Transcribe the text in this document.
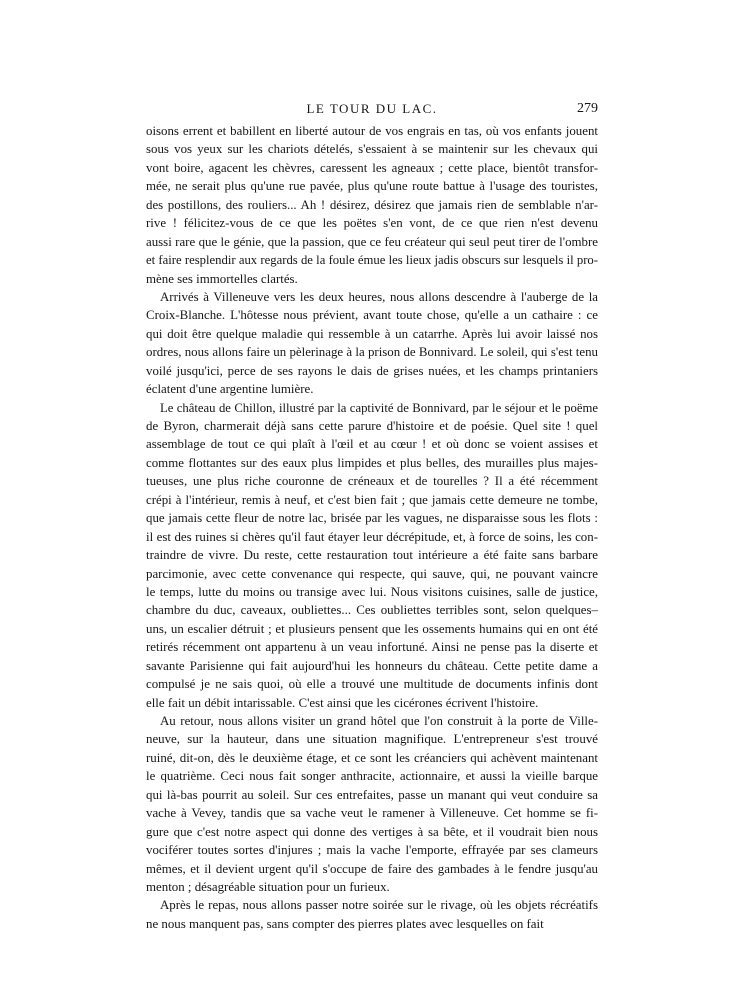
LE TOUR DU LAC.	279
oisons errent et babillent en liberté autour de vos engrais en tas, où vos enfants jouent
sous vos yeux sur les chariots dételés, s'essaient à se maintenir sur les chevaux qui
vont boire, agacent les chèvres, caressent les agneaux ; cette place, bientôt transfor-
mée, ne serait plus qu'une rue pavée, plus qu'une route battue à l'usage des touristes,
des postillons, des rouliers... Ah ! désirez, désirez que jamais rien de semblable n'ar-
rive ! félicitez-vous de ce que les poëtes s'en vont, de ce que rien n'est devenu
aussi rare que le génie, que la passion, que ce feu créateur qui seul peut tirer de l'ombre
et faire resplendir aux regards de la foule émue les lieux jadis obscurs sur lesquels il pro-
mène ses immortelles clartés.
Arrivés à Villeneuve vers les deux heures, nous allons descendre à l'auberge de la
Croix-Blanche. L'hôtesse nous prévient, avant toute chose, qu'elle a un cathaire : ce
qui doit être quelque maladie qui ressemble à un catarrhe. Après lui avoir laissé nos
ordres, nous allons faire un pèlerinage à la prison de Bonnivard. Le soleil, qui s'est tenu
voilé jusqu'ici, perce de ses rayons le dais de grises nuées, et les champs printaniers
éclatent d'une argentine lumière.
Le château de Chillon, illustré par la captivité de Bonnivard, par le séjour et le poëme
de Byron, charmerait déjà sans cette parure d'histoire et de poésie. Quel site ! quel
assemblage de tout ce qui plaît à l'œil et au cœur ! et où donc se voient assises et
comme flottantes sur des eaux plus limpides et plus belles, des murailles plus majes-
tueuses, une plus riche couronne de créneaux et de tourelles ? Il a été récemment
crépi à l'intérieur, remis à neuf, et c'est bien fait ; que jamais cette demeure ne tombe,
que jamais cette fleur de notre lac, brisée par les vagues, ne disparaisse sous les flots :
il est des ruines si chères qu'il faut étayer leur décrépitude, et, à force de soins, les con-
traindre de vivre. Du reste, cette restauration tout intérieure a été faite sans barbare
parcimonie, avec cette convenance qui respecte, qui sauve, qui, ne pouvant vaincre
le temps, lutte du moins ou transige avec lui. Nous visitons cuisines, salle de justice,
chambre du duc, caveaux, oubliettes... Ces oubliettes terribles sont, selon quelques–
uns, un escalier détruit ; et plusieurs pensent que les ossements humains qui en ont été
retirés récemment ont appartenu à un veau infortuné. Ainsi ne pense pas la diserte et
savante Parisienne qui fait aujourd'hui les honneurs du château. Cette petite dame a
compulsé je ne sais quoi, où elle a trouvé une multitude de documents infinis dont
elle fait un débit intarissable. C'est ainsi que les cicérones écrivent l'histoire.
Au retour, nous allons visiter un grand hôtel que l'on construit à la porte de Ville-
neuve, sur la hauteur, dans une situation magnifique. L'entrepreneur s'est trouvé
ruiné, dit-on, dès le deuxième étage, et ce sont les créanciers qui achèvent maintenant
le quatrième. Ceci nous fait songer anthracite, actionnaire, et aussi la vieille barque
qui là-bas pourrit au soleil. Sur ces entrefaites, passe un manant qui veut conduire sa
vache à Vevey, tandis que sa vache veut le ramener à Villeneuve. Cet homme se fi-
gure que c'est notre aspect qui donne des vertiges à sa bête, et il voudrait bien nous
vociférer toutes sortes d'injures ; mais la vache l'emporte, effrayée par ses clameurs
mêmes, et il devient urgent qu'il s'occupe de faire des gambades à le fendre jusqu'au
menton ; désagréable situation pour un furieux.
Après le repas, nous allons passer notre soirée sur le rivage, où les objets récréatifs
ne nous manquent pas, sans compter des pierres plates avec lesquelles on fait
